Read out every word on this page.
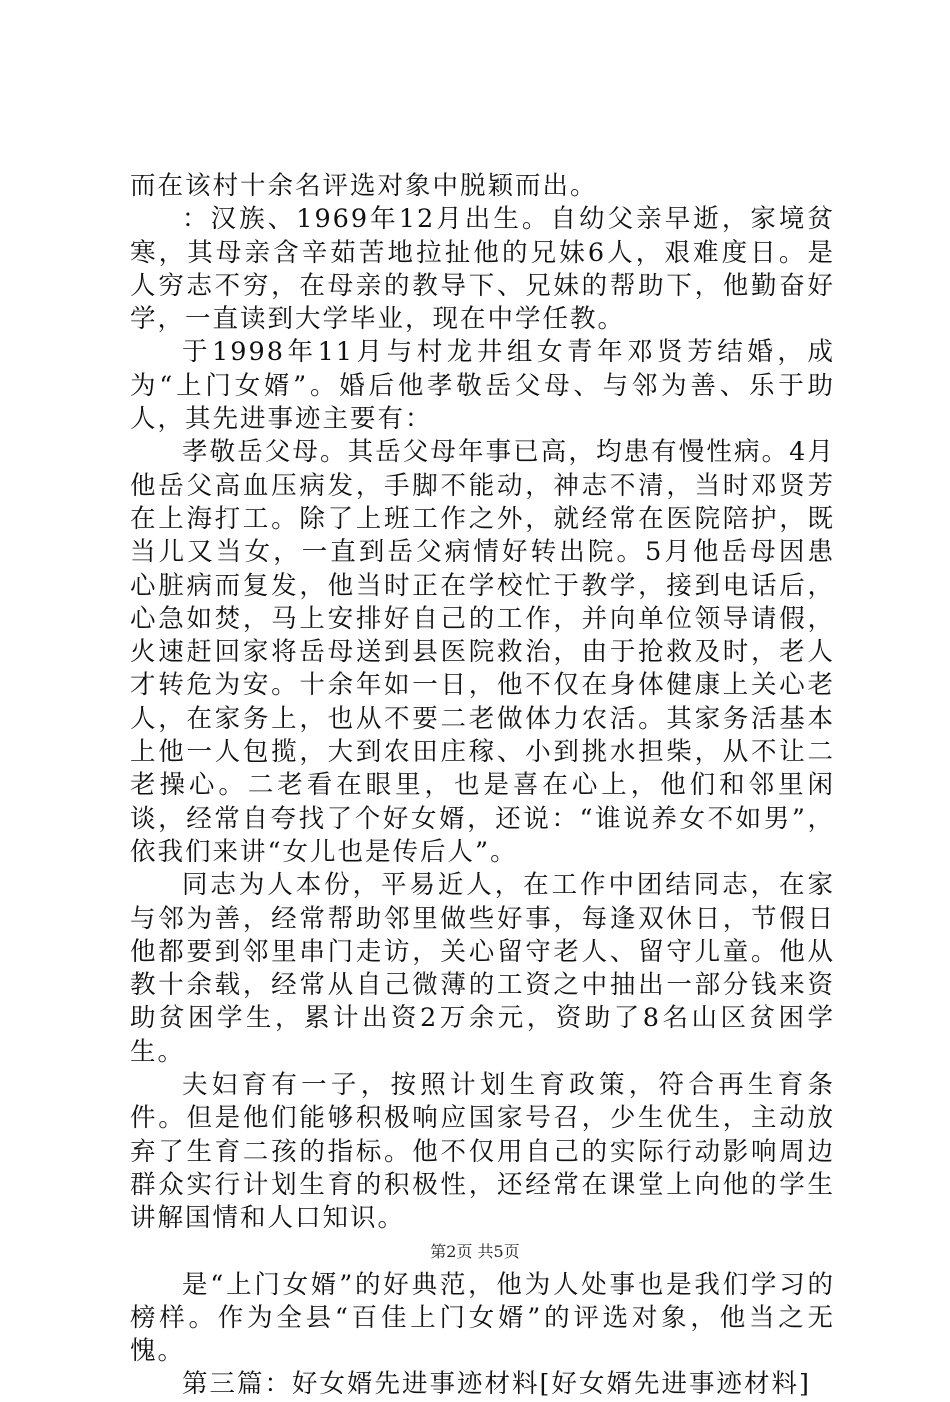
而在该村十余名评选对象中脱颖而出。

：汉族、1969年12月出生。自幼父亲早逝，家境贫寒，其母亲含辛茹苦地拉扯他的兄妹6人，艰难度日。是人穷志不穷，在母亲的教导下、兄妹的帮助下，他勤奋好学，一直读到大学毕业，现在中学任教。

于1998年11月与村龙井组女青年邓贤芳结婚，成为“上门女婿”。婚后他孝敬岳父母、与邻为善、乐于助人，其先进事迹主要有：

孝敬岳父母。其岳父母年事已高，均患有慢性病。4月他岳父高血压病发，手脚不能动，神志不清，当时邓贤芳在上海打工。除了上班工作之外，就经常在医院陪护，既当儿又当女，一直到岳父病情好转出院。5月他岳母因患心脏病而复发，他当时正在学校忙于教学，接到电话后，心急如焚，马上安排好自己的工作，并向单位领导请假，火速赶回家将岳母送到县医院救治，由于抢救及时，老人才转危为安。十余年如一日，他不仅在身体健康上关心老人，在家务上，也从不要二老做体力农活。其家务活基本上他一人包揽，大到农田庄稼、小到挑水担柴，从不让二老操心。二老看在眼里，也是喜在心上，他们和邻里闲谈，经常自夸找了个好女婿，还说：“谁说养女不如男”，依我们来讲“女儿也是传后人”。

同志为人本份，平易近人，在工作中团结同志，在家与邻为善，经常帮助邻里做些好事，每逢双休日，节假日他都要到邻里串门走访，关心留守老人、留守儿童。他从教十余载，经常从自己微薄的工资之中抽出一部分钱来资助贫困学生，累计出资2万余元，资助了8名山区贫困学生。

夫妇育有一子，按照计划生育政策，符合再生育条件。但是他们能够积极响应国家号召，少生优生，主动放弃了生育二孩的指标。他不仅用自己的实际行动影响周边群众实行计划生育的积极性，还经常在课堂上向他的学生讲解国情和人口知识。

是“上门女婿”的好典范，他为人处事也是我们学习的榜样。作为全县“百佳上门女婿”的评选对象，他当之无愧。

第三篇：好女婿先进事迹材料[好女婿先进事迹材料]

第2页 共5页
